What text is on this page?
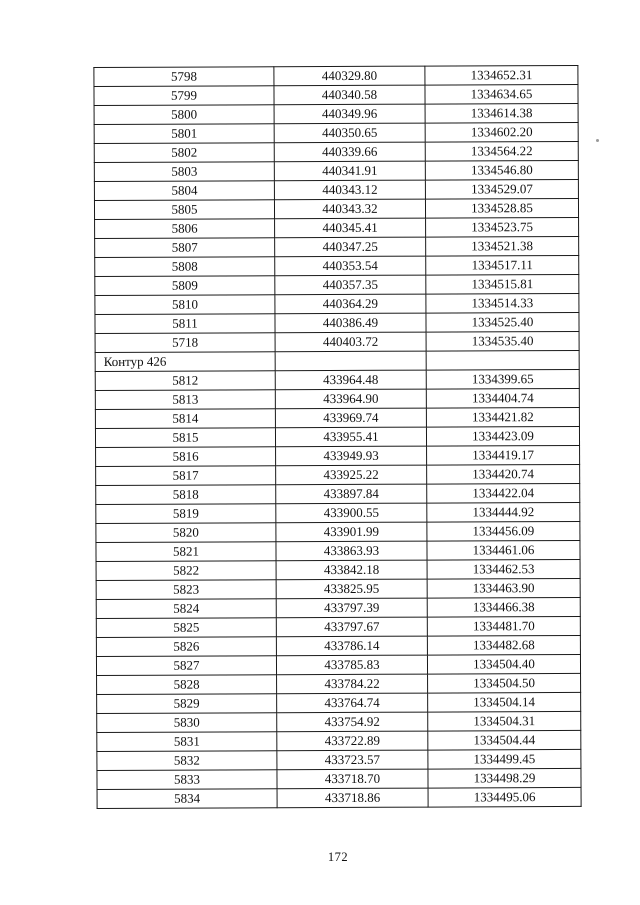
5798	440329.80	1334652.31
5799	440340.58	1334634.65
5800	440349.96	1334614.38
5801	440350.65	1334602.20
5802	440339.66	1334564.22
5803	440341.91	1334546.80
5804	440343.12	1334529.07
5805	440343.32	1334528.85
5806	440345.41	1334523.75
5807	440347.25	1334521.38
5808	440353.54	1334517.11
5809	440357.35	1334515.81
5810	440364.29	1334514.33
5811	440386.49	1334525.40
5718	440403.72	1334535.40
Контур 426		
5812	433964.48	1334399.65
5813	433964.90	1334404.74
5814	433969.74	1334421.82
5815	433955.41	1334423.09
5816	433949.93	1334419.17
5817	433925.22	1334420.74
5818	433897.84	1334422.04
5819	433900.55	1334444.92
5820	433901.99	1334456.09
5821	433863.93	1334461.06
5822	433842.18	1334462.53
5823	433825.95	1334463.90
5824	433797.39	1334466.38
5825	433797.67	1334481.70
5826	433786.14	1334482.68
5827	433785.83	1334504.40
5828	433784.22	1334504.50
5829	433764.74	1334504.14
5830	433754.92	1334504.31
5831	433722.89	1334504.44
5832	433723.57	1334499.45
5833	433718.70	1334498.29
5834	433718.86	1334495.06
172
